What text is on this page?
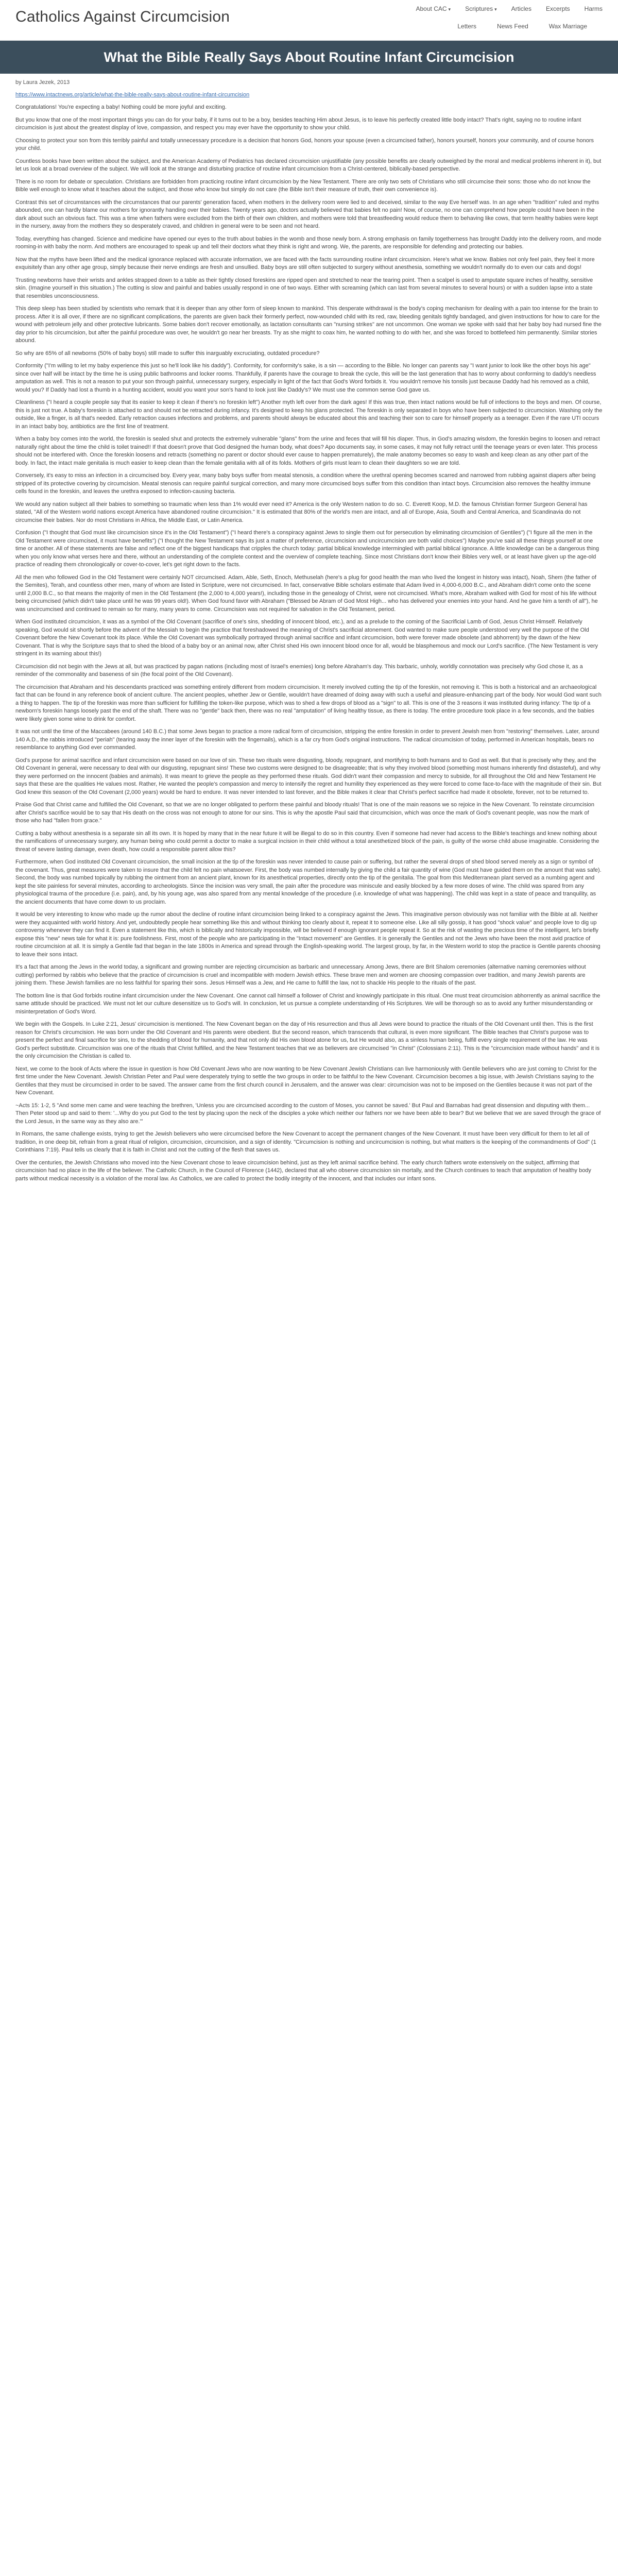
Catholics Against Circumcision	About CAC ▾ Scriptures ▾ Articles Excerpts Harms
Letters	News Feed	Wax Marriage
What the Bible Really Says About Routine Infant Circumcision
by Laura Jezek, 2013

https://www.intactnews.org/article/what-the-bible-really-says-about-routine-infant-circumcision

Congratulations! You're expecting a baby! Nothing could be more joyful and exciting.

But you know that one of the most important things you can do for your baby, if it turns out to be a boy, besides teaching Him about Jesus, is to leave his perfectly created little body intact? That's right, saying no to routine infant circumcision is just about the greatest display of love, compassion, and respect you may ever have the opportunity to show your child.

Choosing to protect your son from this terribly painful and totally unnecessary procedure is a decision that honors God, honors your spouse (even a circumcised father), honors yourself, honors your community, and of course honors your child.

Countless books have been written about the subject, and the American Academy of Pediatrics has declared circumcision unjustifiable (any possible benefits are clearly outweighed by the moral and medical problems inherent in it), but let us look at a broad overview of the subject. We will look at the strange and disturbing practice of routine infant circumcision from a Christ-centered, biblically-based perspective.

There is no room for debate or speculation. Christians are forbidden from practicing routine infant circumcision by the New Testament. There are only two sets of Christians who still circumcise their sons: those who do not know the Bible well enough to know what it teaches about the subject, and those who know but simply do not care (the Bible isn't their measure of truth, their own convenience is).

Contrast this set of circumstances with the circumstances that our parents' generation faced, when mothers in the delivery room were lied to and deceived, similar to the way Eve herself was. In an age when "tradition" ruled and myths abounded, one can hardly blame our mothers for ignorantly handing over their babies. Twenty years ago, doctors actually believed that babies felt no pain! Now, of course, no one can comprehend how people could have been in the dark about such an obvious fact. This was a time when fathers were excluded from the birth of their own children, and mothers were told that breastfeeding would reduce them to behaving like cows, that term healthy babies were kept in the nursery, away from the mothers they so desperately craved, and children in general were to be seen and not heard.

Today, everything has changed. Science and medicine have opened our eyes to the truth about babies in the womb and those newly born. A strong emphasis on family togetherness has brought Daddy into the delivery room, and mode rooming-in with baby the norm. And mothers are encouraged to speak up and tell their doctors what they think is right and wrong. We, the parents, are responsible for defending and protecting our babies.

Now that the myths have been lifted and the medical ignorance replaced with accurate information, we are faced with the facts surrounding routine infant circumcision. Here's what we know. Babies not only feel pain, they feel it more exquisitely than any other age group, simply because their nerve endings are fresh and unsullied. Baby boys are still often subjected to surgery without anesthesia, something we wouldn't normally do to even our cats and dogs!

Trusting newborns have their wrists and ankles strapped down to a table as their tightly closed foreskins are ripped open and stretched to near the tearing point. Then a scalpel is used to amputate square inches of healthy, sensitive skin. (Imagine yourself in this situation.) The cutting is slow and painful and babies usually respond in one of two ways. Either with screaming (which can last from several minutes to several hours) or with a sudden lapse into a state that resembles unconsciousness.

This deep sleep has been studied by scientists who remark that it is deeper than any other form of sleep known to mankind. This desperate withdrawal is the body's coping mechanism for dealing with a pain too intense for the brain to process. After it is all over, if there are no significant complications, the parents are given back their formerly perfect, now-wounded child with its red, raw, bleeding genitals tightly bandaged, and given instructions for how to care for the wound with petroleum jelly and other protective lubricants. Some babies don't recover emotionally, as lactation consultants can "nursing strikes" are not uncommon. One woman we spoke with said that her baby boy had nursed fine the day prior to his circumcision, but after the painful procedure was over, he wouldn't go near her breasts. Try as she might to coax him, he wanted nothing to do with her, and she was forced to bottlefeed him permanently. Similar stories abound.

So why are 65% of all newborns (50% of baby boys) still made to suffer this inarguably excruciating, outdated procedure?

Conformity ("I'm willing to let my baby experience this just so he'll look like his daddy"). Conformity, for conformity's sake, is a sin — according to the Bible. No longer can parents say "I want junior to look like the other boys his age" since over half will be intact by the time he is using public bathrooms and locker rooms. Thankfully, if parents have the courage to break the cycle, this will be the last generation that has to worry about conforming to daddy's needless amputation as well. This is not a reason to put your son through painful, unnecessary surgery, especially in light of the fact that God's Word forbids it. You wouldn't remove his tonsils just because Daddy had his removed as a child, would you? If Daddy had lost a thumb in a hunting accident, would you want your son's hand to look just like Daddy's? We must use the common sense God gave us.

Cleanliness ("I heard a couple people say that its easier to keep it clean if there's no foreskin left") Another myth left over from the dark ages! If this was true, then intact nations would be full of infections to the boys and men. Of course, this is just not true. A baby's foreskin is attached to and should not be retracted during infancy. It's designed to keep his glans protected. The foreskin is only separated in boys who have been subjected to circumcision. Washing only the outside, like a finger, is all that's needed. Early retraction causes infections and problems, and parents should always be educated about this and teaching their son to care for himself properly as a teenager. Even if the rare UTI occurs in an intact baby boy, antibiotics are the first line of treatment.

When a baby boy comes into the world, the foreskin is sealed shut and protects the extremely vulnerable "glans" from the urine and feces that will fill his diaper. Thus, in God's amazing wisdom, the foreskin begins to loosen and retract naturally right about the time the child is toilet trained!! If that doesn't prove that God designed the human body, what does? Apo documents say, in some cases, it may not fully retract until the teenage years or even later. This process should not be interfered with. Once the foreskin loosens and retracts (something no parent or doctor should ever cause to happen prematurely), the male anatomy becomes so easy to wash and keep clean as any other part of the body. In fact, the intact male genitalia is much easier to keep clean than the female genitalia with all of its folds. Mothers of girls must learn to clean their daughters so we are told.

Conversely, it's easy to miss an infection in a circumcised boy. Every year, many baby boys suffer from meatal stenosis, a condition where the urethral opening becomes scarred and narrowed from rubbing against diapers after being stripped of its protective covering by circumcision. Meatal stenosis can require painful surgical correction, and many more circumcised boys suffer from this condition than intact boys. Circumcision also removes the healthy immune cells found in the foreskin, and leaves the urethra exposed to infection-causing bacteria.

We would any nation subject all their babies to something so traumatic when less than 1% would ever need it? America is the only Western nation to do so. C. Everett Koop, M.D. the famous Christian former Surgeon General has stated, "All of the Western world nations except America have abandoned routine circumcision." It is estimated that 80% of the world's men are intact, and all of Europe, Asia, South and Central America, and Scandinavia do not circumcise their babies. Nor do most Christians in Africa, the Middle East, or Latin America.

Confusion ("I thought that God must like circumcision since it's in the Old Testament") ("I heard there's a conspiracy against Jews to single them out for persecution by eliminating circumcision of Gentiles") ("I figure all the men in the Old Testament were circumcised, it must have benefits") ("I thought the New Testament says its just a matter of preference, circumcision and uncircumcision are both valid choices") Maybe you've said all these things yourself at one time or another. All of these statements are false and reflect one of the biggest handicaps that cripples the church today: partial biblical knowledge intermingled with partial biblical ignorance. A little knowledge can be a dangerous thing when you only know what verses here and there, without an understanding of the complete context and the overview of complete teaching. Since most Christians don't know their Bibles very well, or at least have given up the age-old practice of reading them chronologically or cover-to-cover, let's get right down to the facts.

All the men who followed God in the Old Testament were certainly NOT circumcised. Adam, Able, Seth, Enoch, Methuselah (here's a plug for good health the man who lived the longest in history was intact), Noah, Shem (the father of the Semites), Terah, and countless other men, many of whom are listed in Scripture, were not circumcised. In fact, conservative Bible scholars estimate that Adam lived in 4,000-6,000 B.C., and Abraham didn't come onto the scene until 2,000 B.C., so that means the majority of men in the Old Testament (the 2,000 to 4,000 years!), including those in the genealogy of Christ, were not circumcised. What's more, Abraham walked with God for most of his life without being circumcised (which didn't take place until he was 99 years old!). When God found favor with Abraham ("Blessed be Abram of God Most High... who has delivered your enemies into your hand. And he gave him a tenth of all"), he was uncircumcised and continued to remain so for many, many years to come. Circumcision was not required for salvation in the Old Testament, period.

When God instituted circumcision, it was as a symbol of the Old Covenant (sacrifice of one's sins, shedding of innocent blood, etc.), and as a prelude to the coming of the Sacrificial Lamb of God, Jesus Christ Himself. Relatively speaking, God would sit shortly before the advent of the Messiah to begin the practice that foreshadowed the meaning of Christ's sacrificial atonement. God wanted to make sure people understood very well the purpose of the Old Covenant before the New Covenant took its place. While the Old Covenant was symbolically portrayed through animal sacrifice and infant circumcision, both were forever made obsolete (and abhorrent) by the dawn of the New Covenant. That is why the Scripture says that to shed the blood of a baby boy or an animal now, after Christ shed His own innocent blood once for all, would be blasphemous and mock our Lord's sacrifice. (The New Testament is very stringent in its warning about this!)

Circumcision did not begin with the Jews at all, but was practiced by pagan nations (including most of Israel's enemies) long before Abraham's day. This barbaric, unholy, worldly connotation was precisely why God chose it, as a reminder of the commonality and baseness of sin (the focal point of the Old Covenant).

The circumcision that Abraham and his descendants practiced was something entirely different from modern circumcision. It merely involved cutting the tip of the foreskin, not removing it. This is both a historical and an archaeological fact that can be found in any reference book of ancient culture. The ancient peoples, whether Jew or Gentile, wouldn't have dreamed of doing away with such a useful and pleasure-enhancing part of the body. Nor would God want such a thing to happen. The tip of the foreskin was more than sufficient for fulfilling the token-like purpose, which was to shed a few drops of blood as a "sign" to all. This is one of the 3 reasons it was instituted during infancy: The tip of a newborn's foreskin hangs loosely past the end of the shaft. There was no "gentle" back then, there was no real "amputation" of living healthy tissue, as there is today. The entire procedure took place in a few seconds, and the babies were likely given some wine to drink for comfort.

It was not until the time of the Maccabees (around 140 B.C.) that some Jews began to practice a more radical form of circumcision, stripping the entire foreskin in order to prevent Jewish men from "restoring" themselves. Later, around 140 A.D., the rabbis introduced "periah" (tearing away the inner layer of the foreskin with the fingernails), which is a far cry from God's original instructions. The radical circumcision of today, performed in American hospitals, bears no resemblance to anything God ever commanded.

God's purpose for animal sacrifice and infant circumcision were based on our love of sin. These two rituals were disgusting, bloody, repugnant, and mortifying to both humans and to God as well. But that is precisely why they, and the Old Covenant in general, were necessary to deal with our disgusting, repugnant sins! These two customs were designed to be disagreeable; that is why they involved blood (something most humans inherently find distasteful), and why they were performed on the innocent (babies and animals). It was meant to grieve the people as they performed these rituals. God didn't want their compassion and mercy to subside, for all throughout the Old and New Testament He says that these are the qualities He values most. Rather, He wanted the people's compassion and mercy to intensify the regret and humility they experienced as they were forced to come face-to-face with the magnitude of their sin. But God knew this season of the Old Covenant (2,000 years) would be hard to endure. It was never intended to last forever, and the Bible makes it clear that Christ's perfect sacrifice had made it obsolete, forever, not to be returned to.

Praise God that Christ came and fulfilled the Old Covenant, so that we are no longer obligated to perform these painful and bloody rituals! That is one of the main reasons we so rejoice in the New Covenant. To reinstate circumcision after Christ's sacrifice would be to say that His death on the cross was not enough to atone for our sins. This is why the apostle Paul said that circumcision, which was once the mark of God's covenant people, was now the mark of those who had "fallen from grace."

Cutting a baby without anesthesia is a separate sin all its own. It is hoped by many that in the near future it will be illegal to do so in this country. Even if someone had never had access to the Bible's teachings and knew nothing about the ramifications of unnecessary surgery, any human being who could permit a doctor to make a surgical incision in their child without a total anesthetized block of the pain, is guilty of the worse child abuse imaginable. Considering the threat of severe lasting damage, even death, how could a responsible parent allow this?

Furthermore, when God instituted Old Covenant circumcision, the small incision at the tip of the foreskin was never intended to cause pain or suffering, but rather the several drops of shed blood served merely as a sign or symbol of the covenant. Thus, great measures were taken to insure that the child felt no pain whatsoever. First, the body was numbed internally by giving the child a fair quantity of wine (God must have guided them on the amount that was safe). Second, the body was numbed topically by rubbing the ointment from an ancient plant, known for its anesthetical properties, directly onto the tip of the genitalia. The goal from this Mediterranean plant served as a numbing agent and kept the site painless for several minutes, according to archeologists. Since the incision was very small, the pain after the procedure was miniscule and easily blocked by a few more doses of wine. The child was spared from any physiological trauma of the procedure (i.e. pain), and, by his young age, was also spared from any mental knowledge of the procedure (i.e. knowledge of what was happening). The child was kept in a state of peace and tranquility, as the ancient documents that have come down to us proclaim.

It would be very interesting to know who made up the rumor about the decline of routine infant circumcision being linked to a conspiracy against the Jews. This imaginative person obviously was not familiar with the Bible at all. Neither were they acquainted with world history. And yet, undoubtedly people hear something like this and without thinking too clearly about it, repeat it to someone else. Like all silly gossip, it has good "shock value" and people love to dig up controversy whenever they can find it. Even a statement like this, which is biblically and historically impossible, will be believed if enough ignorant people repeat it. So at the risk of wasting the precious time of the intelligent, let's briefly expose this "new" news tale for what it is: pure foolishness. First, most of the people who are participating in the "Intact movement" are Gentiles. It is generally the Gentiles and not the Jews who have been the most avid practice of routine circumcision at all. It is simply a Gentile fad that began in the late 1800s in America and spread through the English-speaking world. The largest group, by far, in the Western world to stop the practice is Gentile parents choosing to leave their sons intact.

It's a fact that among the Jews in the world today, a significant and growing number are rejecting circumcision as barbaric and unnecessary. Among Jews, there are Brit Shalom ceremonies (alternative naming ceremonies without cutting) performed by rabbis who believe that the practice of circumcision is cruel and incompatible with modern Jewish ethics. These brave men and women are choosing compassion over tradition, and many Jewish parents are joining them. These Jewish families are no less faithful for sparing their sons. Jesus Himself was a Jew, and He came to fulfill the law, not to shackle His people to the rituals of the past.

The bottom line is that God forbids routine infant circumcision under the New Covenant. One cannot call himself a follower of Christ and knowingly participate in this ritual. One must treat circumcision abhorrently as animal sacrifice the same attitude should be practiced. We must not let our culture desensitize us to God's will. In conclusion, let us pursue a complete understanding of His Scriptures. We will be thorough so as to avoid any further misunderstanding or misinterpretation of God's Word.

We begin with the Gospels. In Luke 2:21, Jesus' circumcision is mentioned. The New Covenant began on the day of His resurrection and thus all Jews were bound to practice the rituals of the Old Covenant until then. This is the first reason for Christ's circumcision. He was born under the Old Covenant and His parents were obedient. But the second reason, which transcends that cultural, is even more significant. The Bible teaches that Christ's purpose was to present the perfect and final sacrifice for sins, to the shedding of blood for humanity, and that not only did His own blood atone for us, but He would also, as a sinless human being, fulfill every single requirement of the law. He was God's perfect substitute. Circumcision was one of the rituals that Christ fulfilled, and the New Testament teaches that we as believers are circumcised "in Christ" (Colossians 2:11). This is the "circumcision made without hands" and it is the only circumcision the Christian is called to.

Next, we come to the book of Acts where the issue in question is how Old Covenant Jews who are now wanting to be New Covenant Jewish Christians can live harmoniously with Gentile believers who are just coming to Christ for the first time under the New Covenant. Jewish Christian Peter and Paul were desperately trying to settle the two groups in order to be faithful to the New Covenant. Circumcision becomes a big issue, with Jewish Christians saying to the Gentiles that they must be circumcised in order to be saved. The answer came from the first church council in Jerusalem, and the answer was clear: circumcision was not to be imposed on the Gentiles because it was not part of the New Covenant.

~Acts 15: 1-2, 5 "And some men came and were teaching the brethren, 'Unless you are circumcised according to the custom of Moses, you cannot be saved.' But Paul and Barnabas had great dissension and disputing with them... Then Peter stood up and said to them: '...Why do you put God to the test by placing upon the neck of the disciples a yoke which neither our fathers nor we have been able to bear? But we believe that we are saved through the grace of the Lord Jesus, in the same way as they also are.'"

In Romans, the same challenge exists, trying to get the Jewish believers who were circumcised before the New Covenant to accept the permanent changes of the New Covenant. It must have been very difficult for them to let all of tradition, in one deep bit, refrain from a great ritual of religion, circumcision, circumcision, and a sign of identity. "Circumcision is nothing and uncircumcision is nothing, but what matters is the keeping of the commandments of God" (1 Corinthians 7:19). Paul tells us clearly that it is faith in Christ and not the cutting of the flesh that saves us.

Over the centuries, the Jewish Christians who moved into the New Covenant chose to leave circumcision behind, just as they left animal sacrifice behind. The early church fathers wrote extensively on the subject, affirming that circumcision had no place in the life of the believer. The Catholic Church, in the Council of Florence (1442), declared that all who observe circumcision sin mortally, and the Church continues to teach that amputation of healthy body parts without medical necessity is a violation of the moral law. As Catholics, we are called to protect the bodily integrity of the innocent, and that includes our infant sons.
